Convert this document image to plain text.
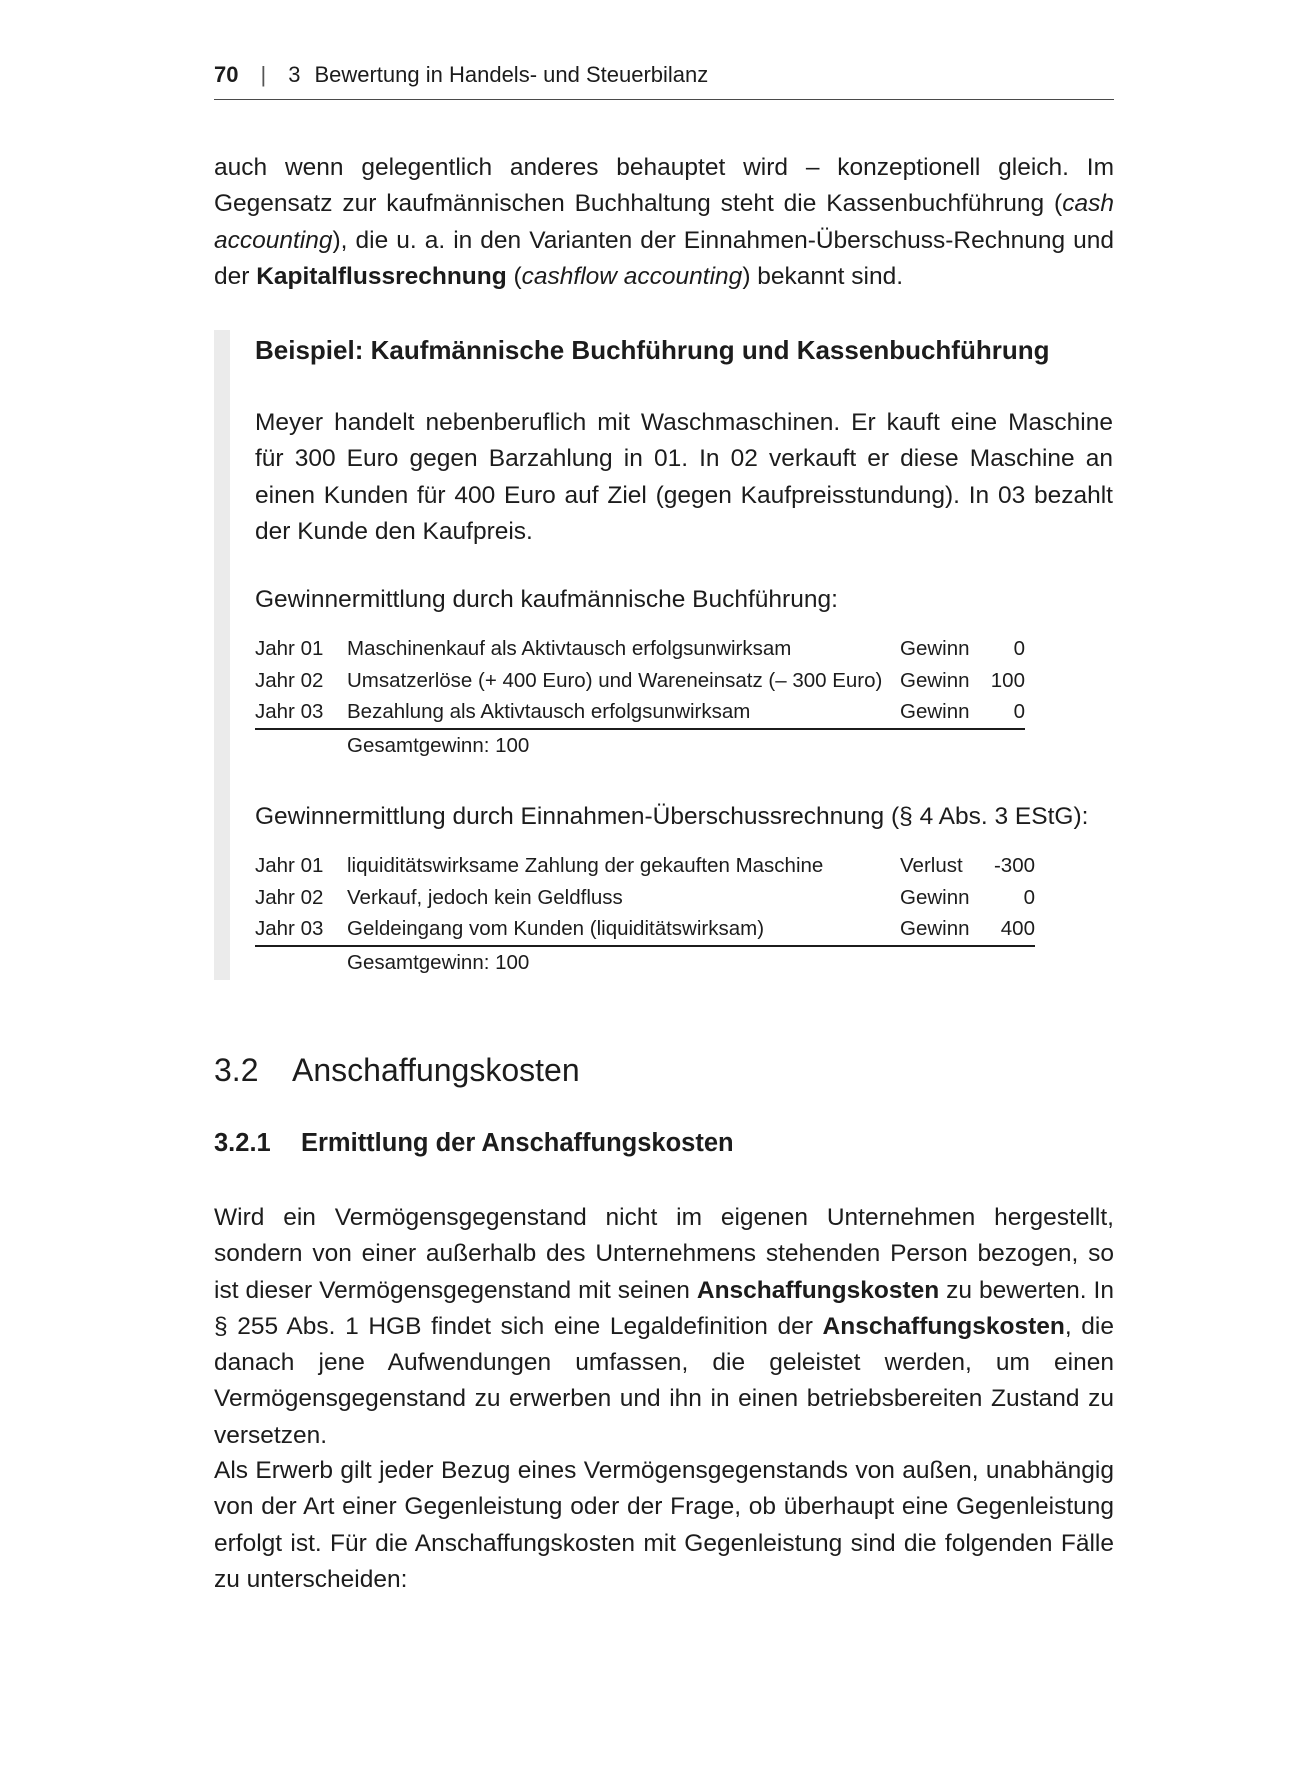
70 | 3 Bewertung in Handels- und Steuerbilanz

auch wenn gelegentlich anderes behauptet wird – konzeptionell gleich. Im Gegensatz zur kaufmännischen Buchhaltung steht die Kassenbuchführung (cash accounting), die u. a. in den Varianten der Einnahmen-Überschuss-Rechnung und der Kapitalflussrechnung (cashflow accounting) bekannt sind.

Beispiel: Kaufmännische Buchführung und Kassenbuchführung

Meyer handelt nebenberuflich mit Waschmaschinen. Er kauft eine Maschine für 300 Euro gegen Barzahlung in 01. In 02 verkauft er diese Maschine an einen Kunden für 400 Euro auf Ziel (gegen Kaufpreisstundung). In 03 bezahlt der Kunde den Kaufpreis.

Gewinnermittlung durch kaufmännische Buchführung:

Jahr 01 Maschinenkauf als Aktivtausch erfolgsunwirksam	Gewinn 0
Jahr 02 Umsatzerlöse (+ 400 Euro) und Wareneinsatz (– 300 Euro) Gewinn 100
Jahr 03 Bezahlung als Aktivtausch erfolgsunwirksam	Gewinn 0
Gesamtgewinn: 100

Gewinnermittlung durch Einnahmen-Überschussrechnung (§ 4 Abs. 3 EStG):

Jahr 01 liquiditätswirksame Zahlung der gekauften Maschine	Verlust -300
Jahr 02 Verkauf, jedoch kein Geldfluss	Gewinn	0
Jahr 03 Geldeingang vom Kunden (liquiditätswirksam)	Gewinn 400
Gesamtgewinn: 100
3.2 Anschaffungskosten
3.2.1 Ermittlung der Anschaffungskosten

Wird ein Vermögensgegenstand nicht im eigenen Unternehmen hergestellt, sondern von einer außerhalb des Unternehmens stehenden Person bezogen, so ist dieser Vermögensgegenstand mit seinen Anschaffungskosten zu bewerten. In § 255 Abs. 1 HGB findet sich eine Legaldefinition der Anschaffungskosten, die danach jene Aufwendungen umfassen, die geleistet werden, um einen Vermögensgegenstand zu erwerben und ihn in einen betriebsbereiten Zustand zu versetzen.

Als Erwerb gilt jeder Bezug eines Vermögensgegenstands von außen, unabhängig von der Art einer Gegenleistung oder der Frage, ob überhaupt eine Gegenleistung erfolgt ist. Für die Anschaffungskosten mit Gegenleistung sind die folgenden Fälle zu unterscheiden:
